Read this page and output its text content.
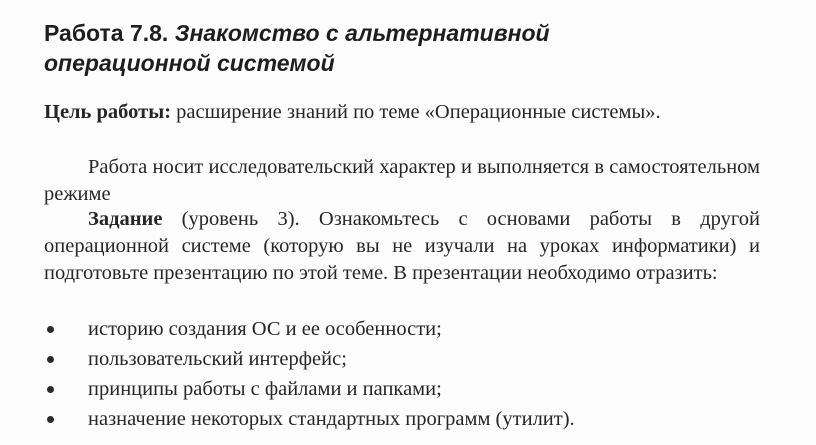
Работа 7.8. Знакомство с альтернативной
операционной системой

Цель работы: расширение знаний по теме «Операционные системы».

Работа носит исследовательский характер и выполняется в самостоятельном режиме

Задание (уровень 3). Ознакомьтесь с основами работы в другой операционной системе (которую вы не изучали на уроках информатики) и подготовьте презентацию по этой теме. В презентации необходимо отразить:

историю создания ОС и ее особенности;
пользовательский интерфейс;
принципы работы с файлами и папками;
назначение некоторых стандартных программ (утилит).
